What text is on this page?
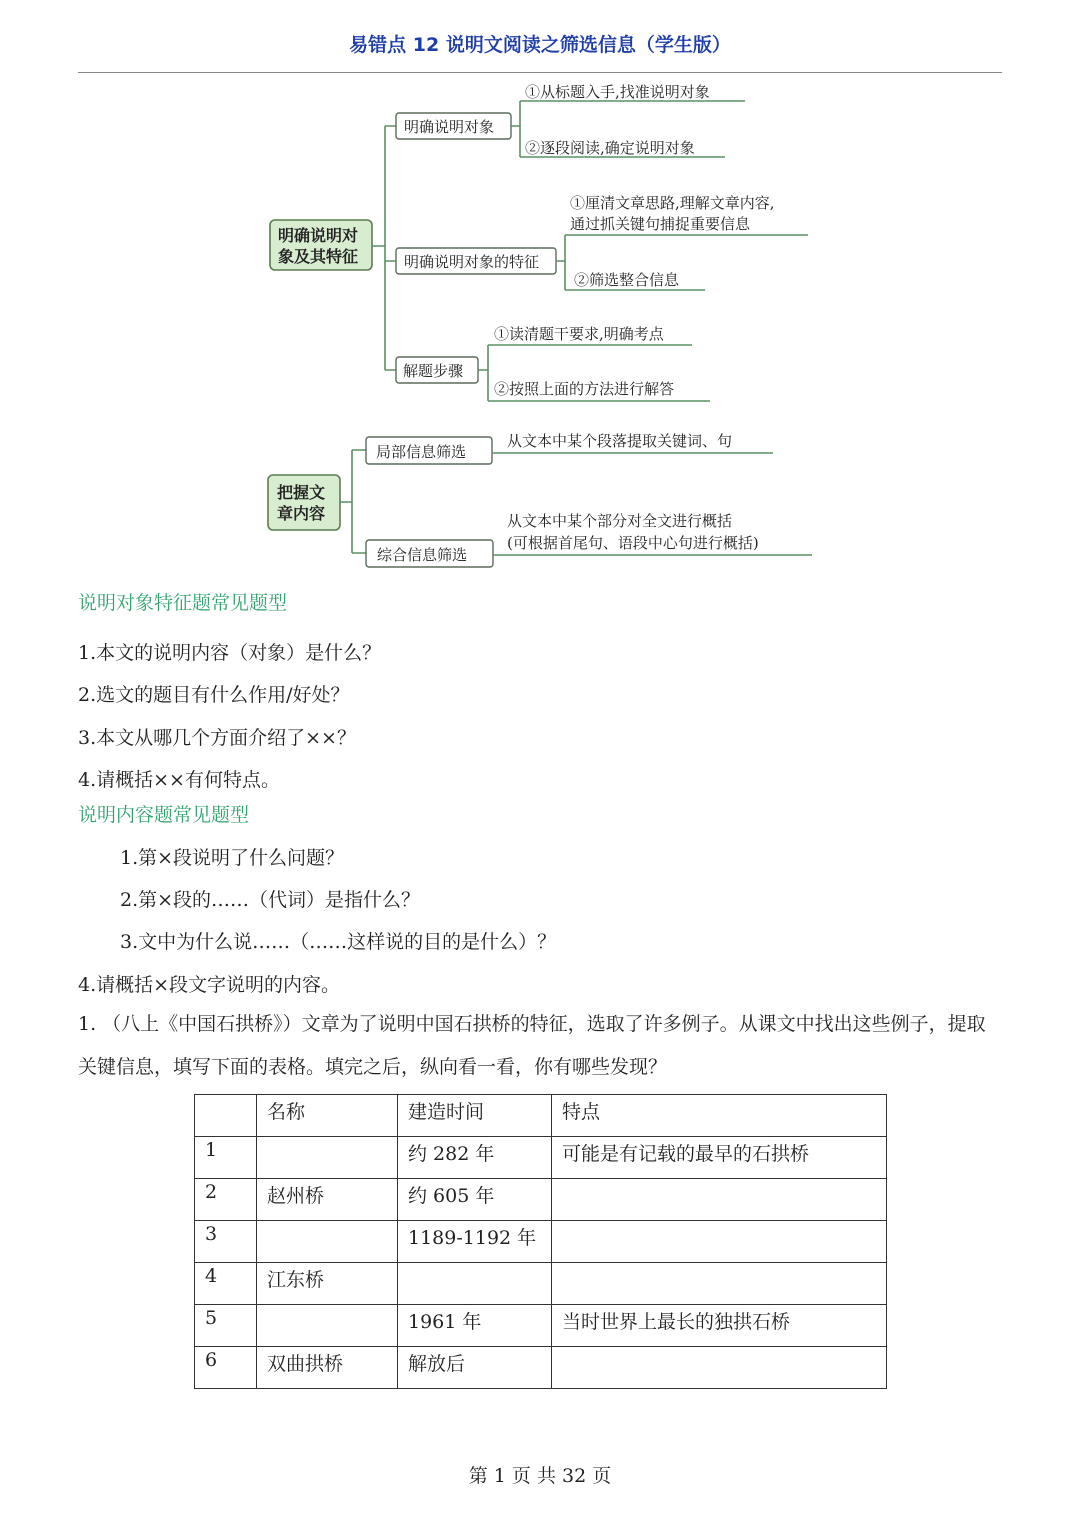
易错点 12 说明文阅读之筛选信息（学生版）
明确说明对
象及其特征
明确说明对象
①从标题入手,找准说明对象
②逐段阅读,确定说明对象
明确说明对象的特征
①厘清文章思路,理解文章内容,
通过抓关键句捕捉重要信息
②筛选整合信息
解题步骤
①读清题干要求,明确考点
②按照上面的方法进行解答
把握文
章内容
局部信息筛选
从文本中某个段落提取关键词、句
综合信息筛选
从文本中某个部分对全文进行概括
(可根据首尾句、语段中心句进行概括)
说明对象特征题常见题型
1.本文的说明内容（对象）是什么？
2.选文的题目有什么作用/好处？
3.本文从哪几个方面介绍了××？
4.请概括××有何特点。
说明内容题常见题型
1.第×段说明了什么问题？
2.第×段的……（代词）是指什么？
3.文中为什么说……（……这样说的目的是什么）？
4.请概括×段文字说明的内容。
1. （八上《中国石拱桥》）文章为了说明中国石拱桥的特征，选取了许多例子。从课文中找出这些例子，提取关键信息，填写下面的表格。填完之后，纵向看一看，你有哪些发现？
	名称	建造时间	特点
1		约 282 年	可能是有记载的最早的石拱桥
2	赵州桥	约 605 年	
3		1189-1192 年	
4	江东桥		
5		1961 年	当时世界上最长的独拱石桥
6	双曲拱桥	解放后	
第 1 页 共 32 页
